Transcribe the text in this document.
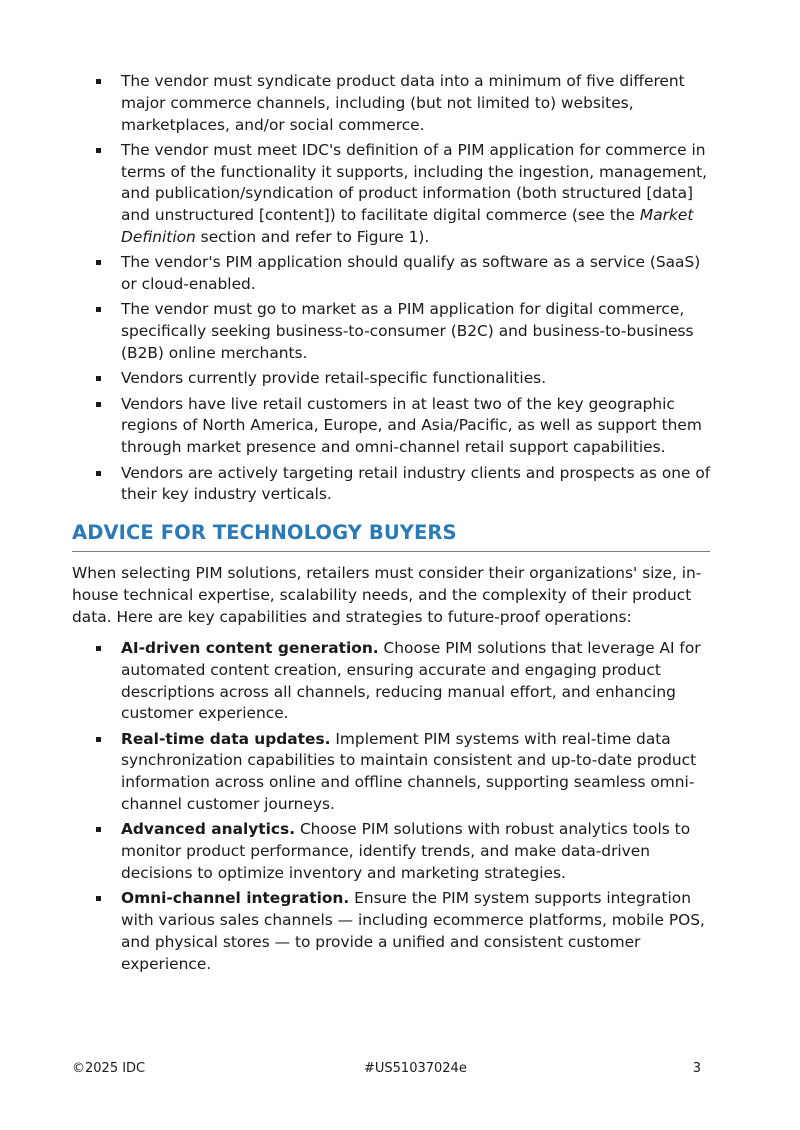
The vendor must syndicate product data into a minimum of five different major commerce channels, including (but not limited to) websites, marketplaces, and/or social commerce.
The vendor must meet IDC's definition of a PIM application for commerce in terms of the functionality it supports, including the ingestion, management, and publication/syndication of product information (both structured [data] and unstructured [content]) to facilitate digital commerce (see the Market Definition section and refer to Figure 1).
The vendor's PIM application should qualify as software as a service (SaaS) or cloud-enabled.
The vendor must go to market as a PIM application for digital commerce, specifically seeking business-to-consumer (B2C) and business-to-business (B2B) online merchants.
Vendors currently provide retail-specific functionalities.
Vendors have live retail customers in at least two of the key geographic regions of North America, Europe, and Asia/Pacific, as well as support them through market presence and omni-channel retail support capabilities.
Vendors are actively targeting retail industry clients and prospects as one of their key industry verticals.
ADVICE FOR TECHNOLOGY BUYERS

When selecting PIM solutions, retailers must consider their organizations' size, in-house technical expertise, scalability needs, and the complexity of their product data. Here are key capabilities and strategies to future-proof operations:

AI-driven content generation. Choose PIM solutions that leverage AI for automated content creation, ensuring accurate and engaging product descriptions across all channels, reducing manual effort, and enhancing customer experience.
Real-time data updates. Implement PIM systems with real-time data synchronization capabilities to maintain consistent and up-to-date product information across online and offline channels, supporting seamless omni-channel customer journeys.
Advanced analytics. Choose PIM solutions with robust analytics tools to monitor product performance, identify trends, and make data-driven decisions to optimize inventory and marketing strategies.
Omni-channel integration. Ensure the PIM system supports integration with various sales channels — including ecommerce platforms, mobile POS, and physical stores — to provide a unified and consistent customer experience.
©2025 IDC	#US51037024e	3
